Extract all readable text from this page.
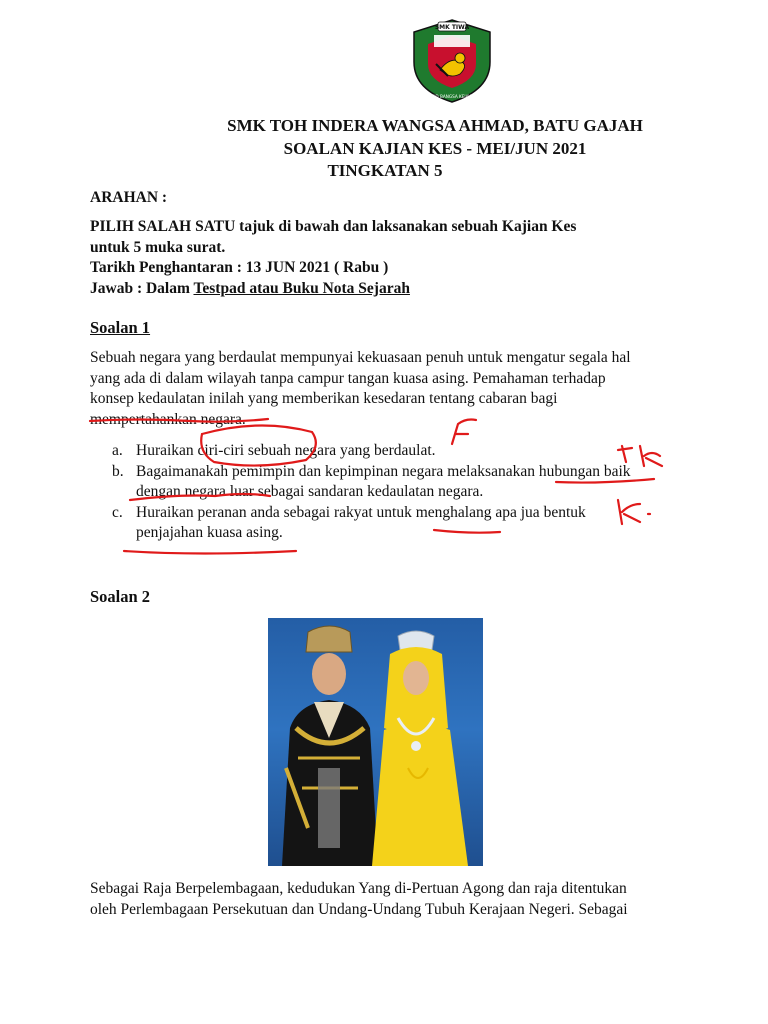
SMK TIWA
TEKAD BANGSA KEJAYAAN
SMK TOH INDERA WANGSA AHMAD, BATU GAJAH
SOALAN KAJIAN KES - MEI/JUN 2021
TINGKATAN 5
ARAHAN :
PILIH SALAH SATU tajuk di bawah dan laksanakan sebuah Kajian Kes
untuk 5 muka surat.
Tarikh Penghantaran : 13 JUN 2021 ( Rabu )
Jawab : Dalam Testpad atau Buku Nota Sejarah
Soalan 1
Sebuah negara yang berdaulat mempunyai kekuasaan penuh untuk mengatur segala hal
yang ada di dalam wilayah tanpa campur tangan kuasa asing. Pemahaman terhadap
konsep kedaulatan inilah yang memberikan kesedaran tentang cabaran bagi
mempertahankan negara.
a. Huraikan ciri-ciri sebuah negara yang berdaulat.
b. Bagaimanakah pemimpin dan kepimpinan negara melaksanakan hubungan baik
dengan negara luar sebagai sandaran kedaulatan negara.
c. Huraikan peranan anda sebagai rakyat untuk menghalang apa jua bentuk
penjajahan kuasa asing.
Soalan 2
Sebagai Raja Berpelembagaan, kedudukan Yang di-Pertuan Agong dan raja ditentukan
oleh Perlembagaan Persekutuan dan Undang-Undang Tubuh Kerajaan Negeri. Sebagai
